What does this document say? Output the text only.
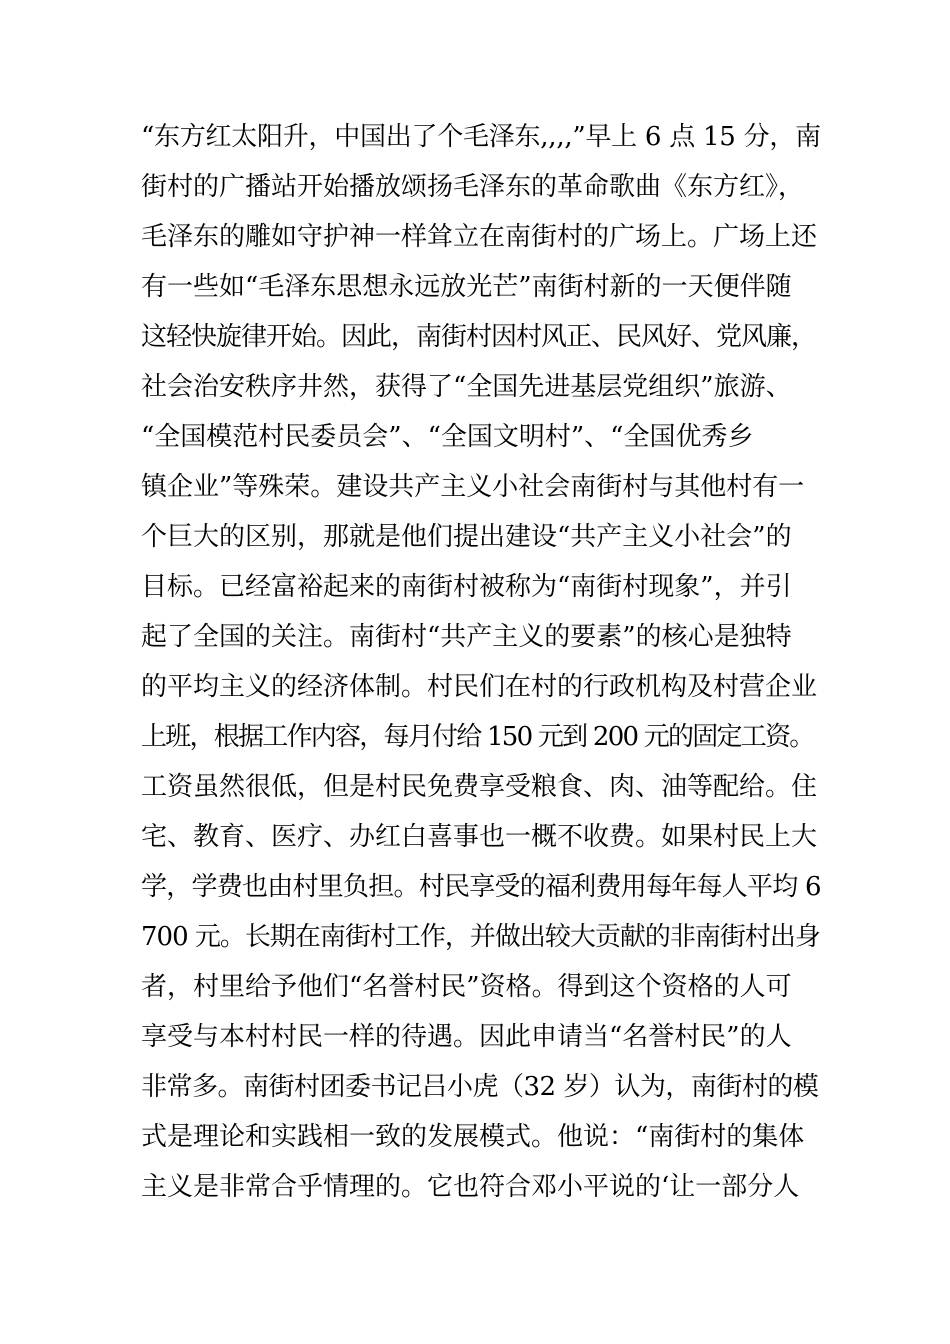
“东方红太阳升，中国出了个毛泽东,,,,”早上 6 点 15 分，南
街村的广播站开始播放颂扬毛泽东的革命歌曲《东方红》，
毛泽东的雕如守护神一样耸立在南街村的广场上。广场上还
有一些如“毛泽东思想永远放光芒”南街村新的一天便伴随
这轻快旋律开始。因此，南街村因村风正、民风好、党风廉，
社会治安秩序井然，获得了“全国先进基层党组织”旅游、
“全国模范村民委员会”、“全国文明村”、“全国优秀乡
镇企业”等殊荣。建设共产主义小社会南街村与其他村有一
个巨大的区别，那就是他们提出建设“共产主义小社会”的
目标。已经富裕起来的南街村被称为“南街村现象”，并引
起了全国的关注。南街村“共产主义的要素”的核心是独特
的平均主义的经济体制。村民们在村的行政机构及村营企业
上班，根据工作内容，每月付给 150 元到 200 元的固定工资。
工资虽然很低，但是村民免费享受粮食、肉、油等配给。住
宅、教育、医疗、办红白喜事也一概不收费。如果村民上大
学，学费也由村里负担。村民享受的福利费用每年每人平均 6
700 元。长期在南街村工作，并做出较大贡献的非南街村出身
者，村里给予他们“名誉村民”资格。得到这个资格的人可
享受与本村村民一样的待遇。因此申请当“名誉村民”的人
非常多。南街村团委书记吕小虎（32 岁）认为，南街村的模
式是理论和实践相一致的发展模式。他说：“南街村的集体
主义是非常合乎情理的。它也符合邓小平说的‘让一部分人
